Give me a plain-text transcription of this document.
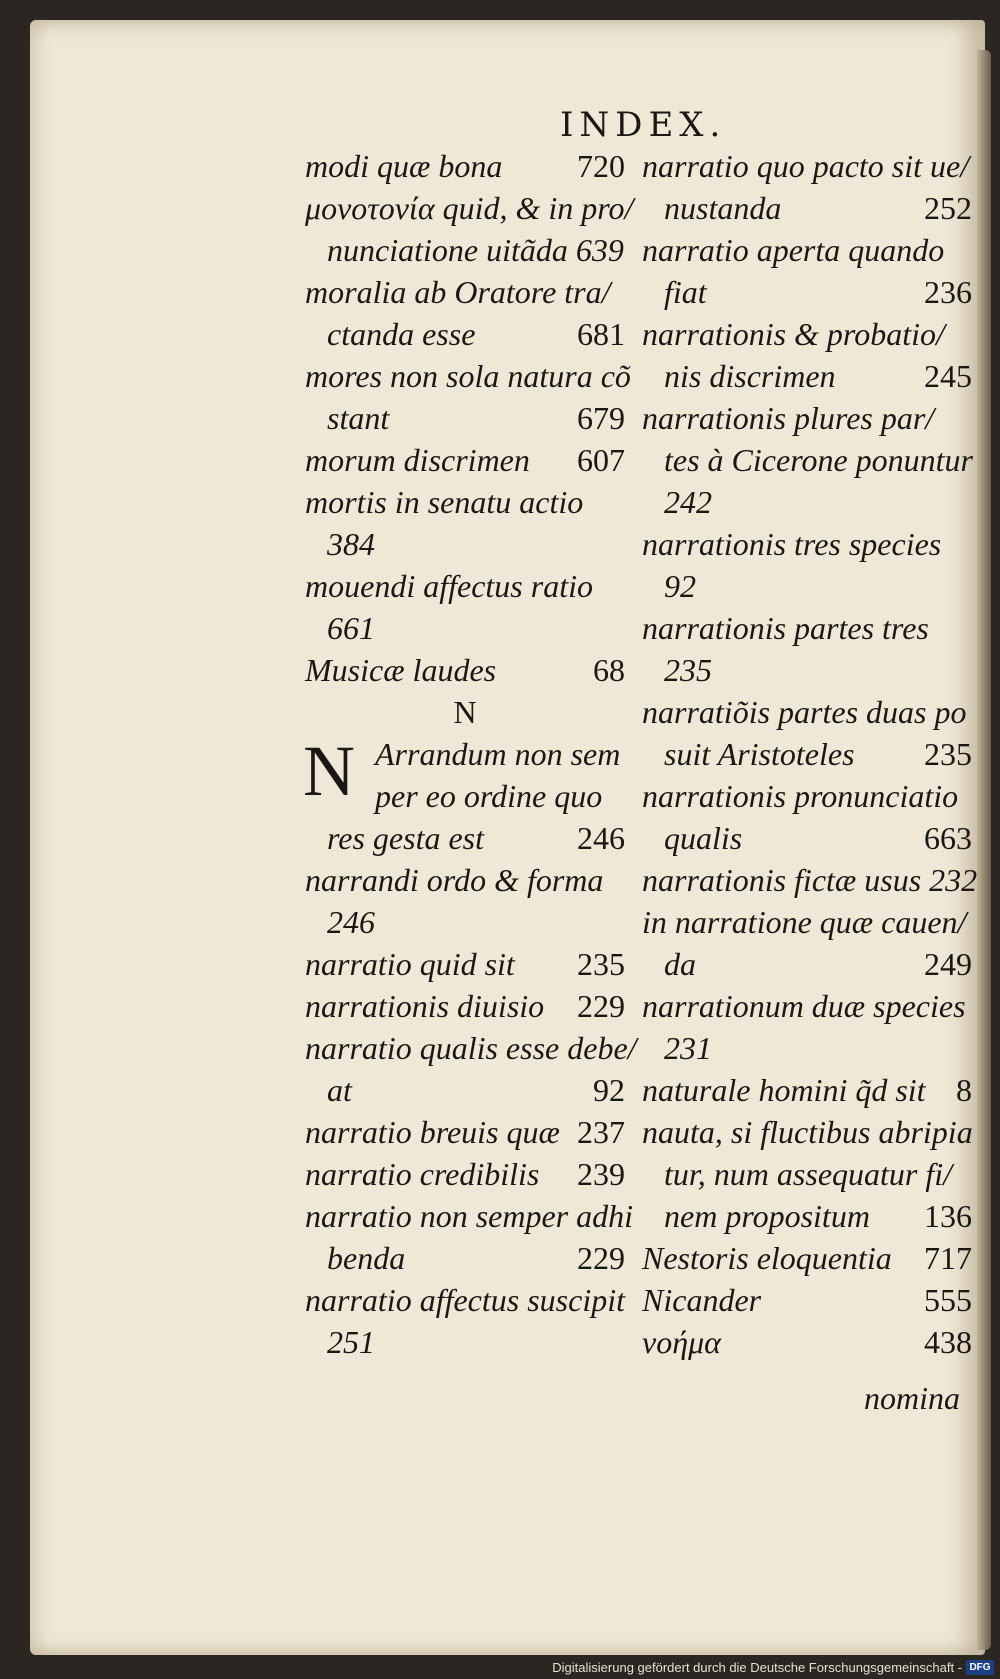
INDEX.
modi quæ bona 720
μονοτονία quid, & in pro/
nunciatione uitãda 639
moralia ab Oratore tra/
ctanda esse	681
mores non sola natura cõ
stant	679
morum discrimen 607
mortis in senatu actio
384
mouendi affectus ratio
661
Musicæ laudes	68
N
N Arrandum non sem
per eo ordine quo
res gesta est	246
narrandi ordo & forma
246
narratio quid sit 235
narrationis diuisio 229
narratio qualis esse debe/
at	92
narratio breuis quæ 237
narratio credibilis 239
narratio non semper adhi
benda	229
narratio affectus suscipit
251
narratio quo pacto sit ue/
nustanda	252
narratio aperta quando
fiat	236
narrationis & probatio/
nis discrimen	245
narrationis plures par/
tes à Cicerone ponuntur
242
narrationis tres species
92
narrationis partes tres
235
narratiõis partes duas po
suit Aristoteles 235
narrationis pronunciatio
qualis	663
narrationis fictæ usus 232
in narratione quæ cauen/
da	249
narrationum duæ species
231
naturale homini q̃d sit 8
nauta, si fluctibus abripia
tur, num assequatur fi/
nem propositum 136
Nestoris eloquentia 717
Nicander	555
νοήμα	438
nomina
Digitalisierung gefördert durch die Deutsche Forschungsgemeinschaft - DFG
